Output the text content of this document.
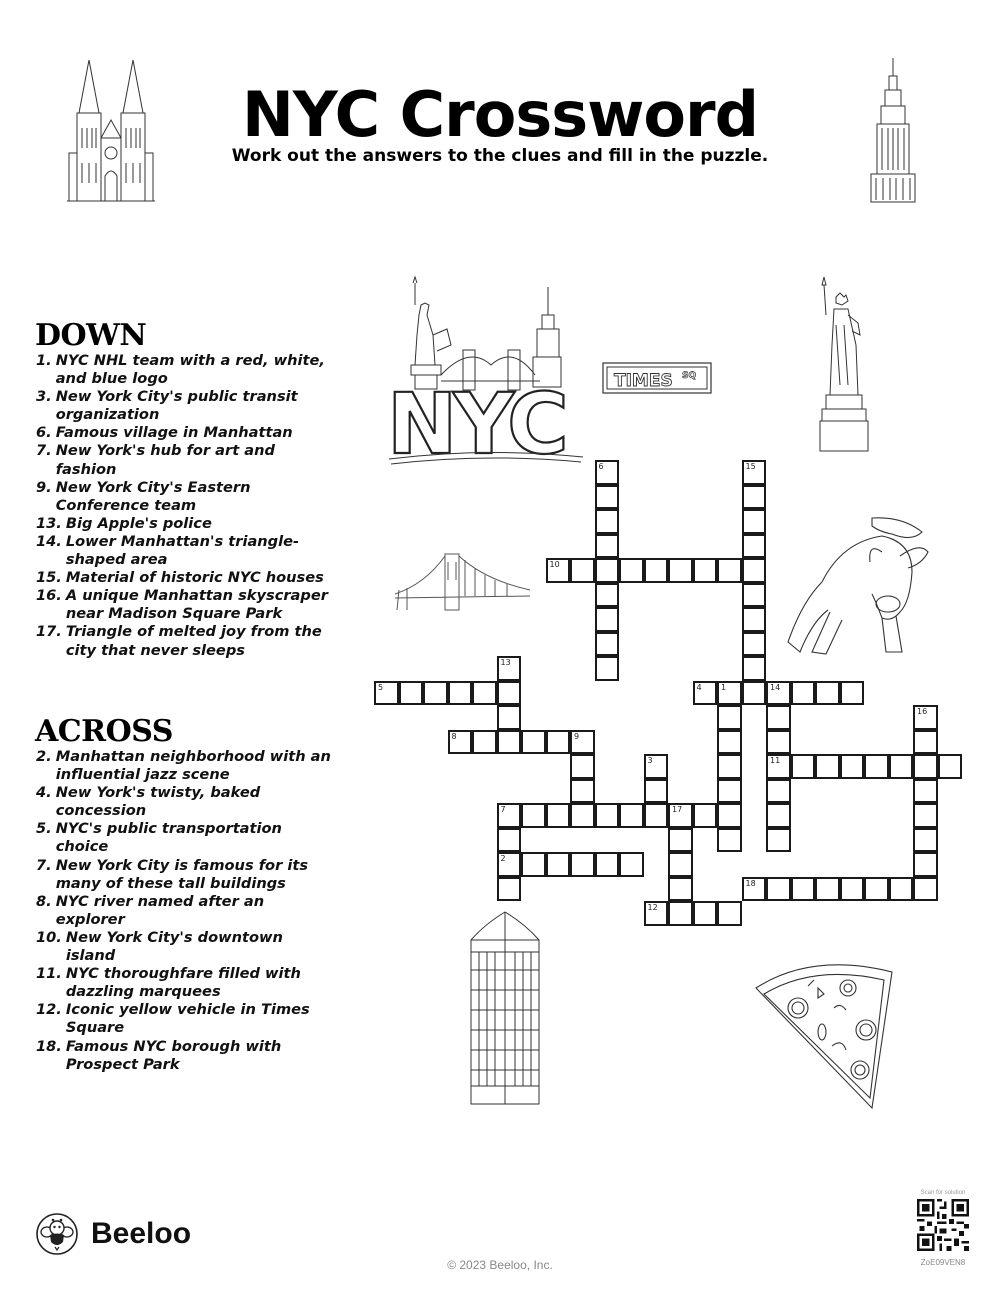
NYC Crossword
Work out the answers to the clues and fill in the puzzle.
DOWN
1. NYC NHL team with a red, white, and blue logo
3. New York City's public transit organization
6. Famous village in Manhattan
7. New York's hub for art and fashion
9. New York City's Eastern Conference team
13. Big Apple's police
14. Lower Manhattan's triangle-shaped area
15. Material of historic NYC houses
16. A unique Manhattan skyscraper near Madison Square Park
17. Triangle of melted joy from the city that never sleeps
ACROSS
2. Manhattan neighborhood with an influential jazz scene
4. New York's twisty, baked concession
5. NYC's public transportation choice
7. New York City is famous for its many of these tall buildings
8. NYC river named after an explorer
10. New York City's downtown island
11. NYC thoroughfare filled with dazzling marquees
12. Iconic yellow vehicle in Times Square
18. Famous NYC borough with Prospect Park
NYC	TIMES SQ
15
6
10
13
5	4 1	14
11
16
8	9
3
7	17
2
18
12
Beeloo
© 2023 Beeloo, Inc.
Scan for solution
ZoE09VEN8
